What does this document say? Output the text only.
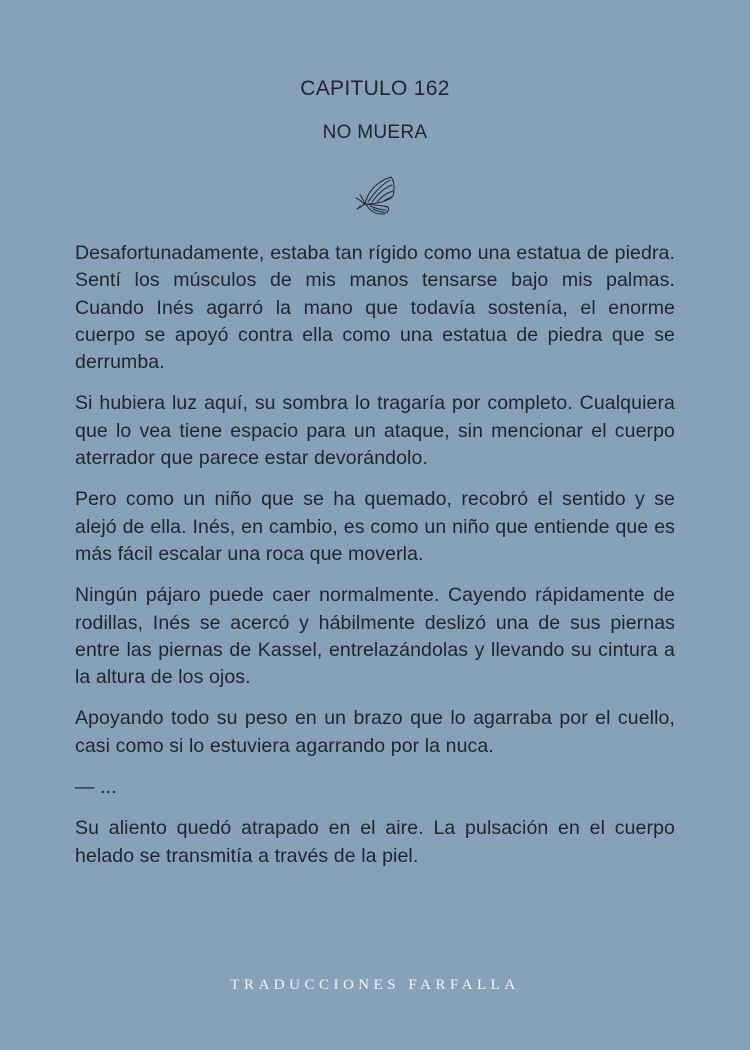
CAPITULO 162
NO MUERA

Desafortunadamente, estaba tan rígido como una estatua de piedra. Sentí los músculos de mis manos tensarse bajo mis palmas. Cuando Inés agarró la mano que todavía sostenía, el enorme cuerpo se apoyó contra ella como una estatua de piedra que se derrumba.

Si hubiera luz aquí, su sombra lo tragaría por completo. Cualquiera que lo vea tiene espacio para un ataque, sin mencionar el cuerpo aterrador que parece estar devorándolo.

Pero como un niño que se ha quemado, recobró el sentido y se alejó de ella. Inés, en cambio, es como un niño que entiende que es más fácil escalar una roca que moverla.

Ningún pájaro puede caer normalmente. Cayendo rápidamente de rodillas, Inés se acercó y hábilmente deslizó una de sus piernas entre las piernas de Kassel, entrelazándolas y llevando su cintura a la altura de los ojos.

Apoyando todo su peso en un brazo que lo agarraba por el cuello, casi como si lo estuviera agarrando por la nuca.

— ...

Su aliento quedó atrapado en el aire. La pulsación en el cuerpo helado se transmitía a través de la piel.

TRADUCCIONES FARFALLA
